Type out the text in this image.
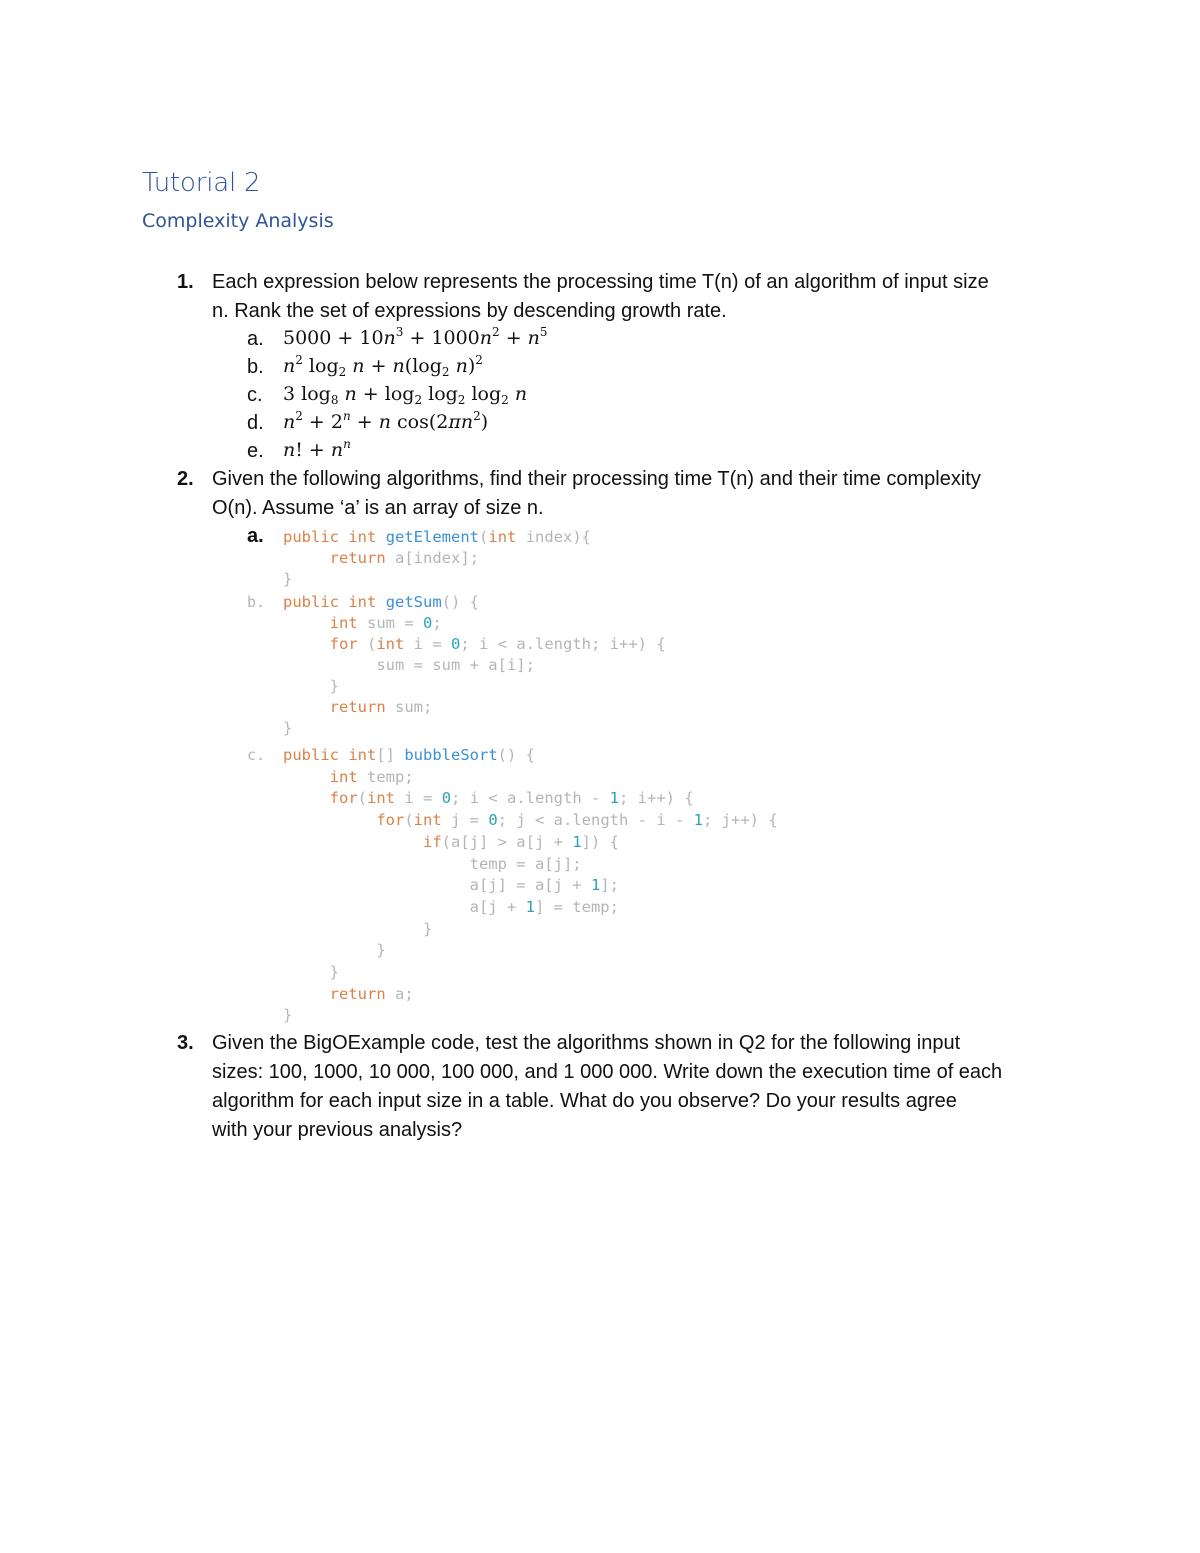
Tutorial 2
Complexity Analysis
1. Each expression below represents the processing time T(n) of an algorithm of input size
n. Rank the set of expressions by descending growth rate.
a. $5000 + 10n^3 + 1000n^2 + n^5$
b. $n^2$ $\log_2 n + n(\log_2$ n)$^2$
c. 3 $\log_8 n + \log_2 \log_2 \log_2 n$
d. $n^2 + 2^n + n$ $\cos(2\pi n^2)$
e. n! + $n^n$
2. Given the following algorithms, find their processing time T(n) and their time complexity
O(n). Assume ‘a’ is an array of size n.
a. public int getElement(int index){
return a[index];
}
b. public int getSum() {
int sum = 0;
for (int i = 0; i < a.length; i++) {
sum = sum + a[i];
}
return sum;
}
c. public int[] bubbleSort() {
int temp;
for(int i = 0; i < a.length - 1; i++) {
for(int j = 0; j < a.length - i - 1; j++) {
if(a[j] > a[j + 1]) {
temp = a[j];
a[j] = a[j + 1];
a[j + 1] = temp;
}
}
}
return a;
}
3. Given the BigOExample code, test the algorithms shown in Q2 for the following input
sizes: 100, 1000, 10 000, 100 000, and 1 000 000. Write down the execution time of each
algorithm for each input size in a table. What do you observe? Do your results agree
with your previous analysis?
